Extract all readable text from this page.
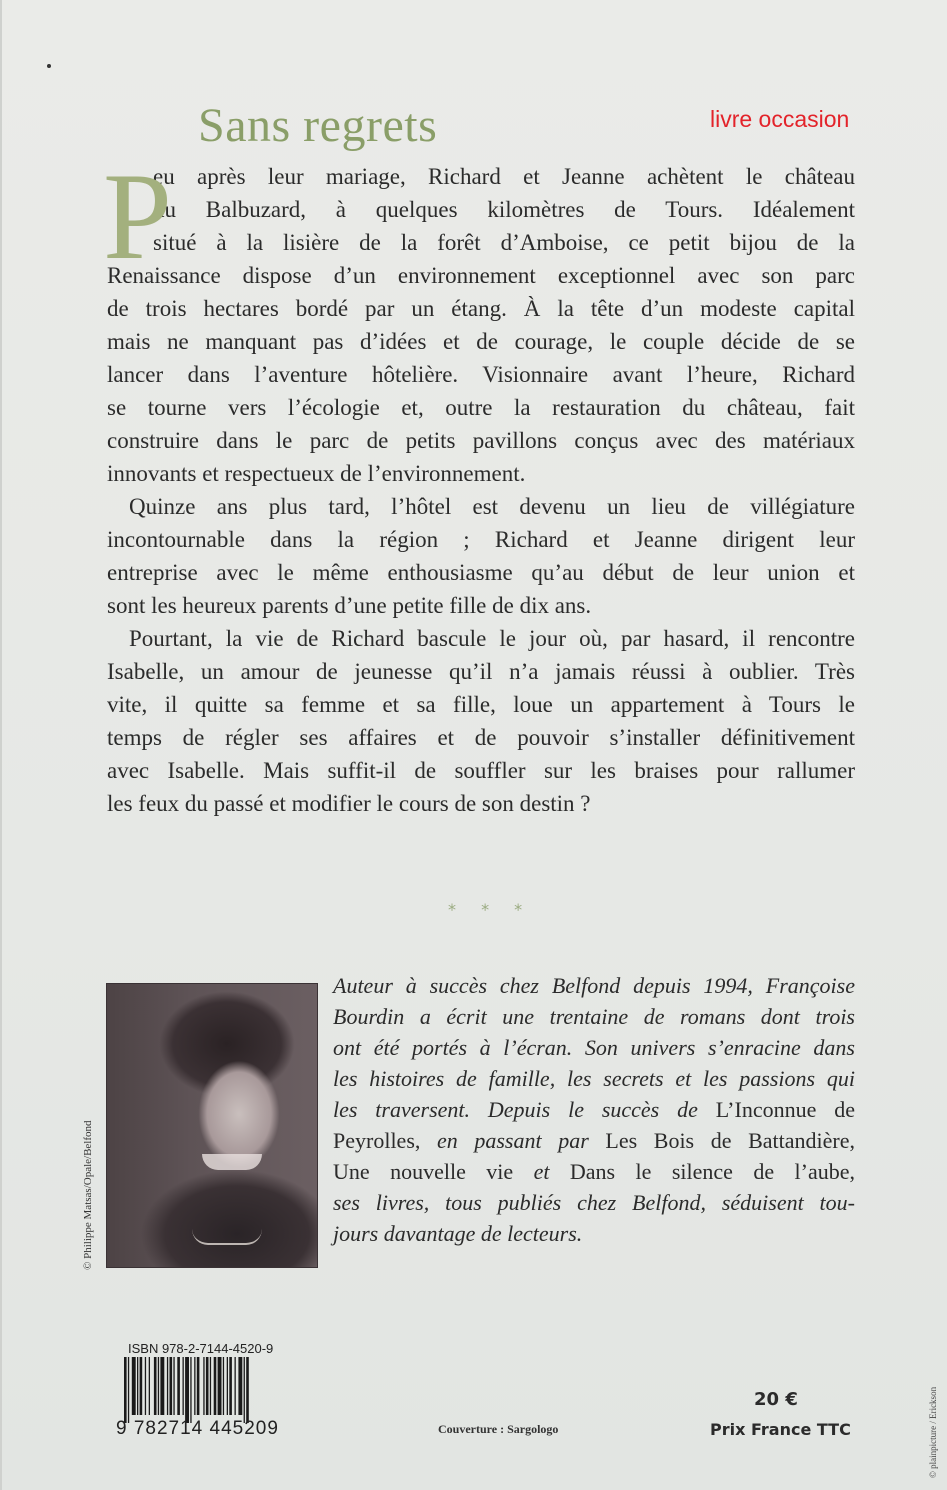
Sans regrets	livre occasion
P
eu après leur mariage, Richard et Jeanne achètent le château
du Balbuzard, à quelques kilomètres de Tours. Idéalement
situé à la lisière de la forêt d’Amboise, ce petit bijou de la
Renaissance dispose d’un environnement exceptionnel avec son parc
de trois hectares bordé par un étang. À la tête d’un modeste capital
mais ne manquant pas d’idées et de courage, le couple décide de se
lancer dans l’aventure hôtelière. Visionnaire avant l’heure, Richard
se tourne vers l’écologie et, outre la restauration du château, fait
construire dans le parc de petits pavillons conçus avec des matériaux
innovants et respectueux de l’environnement.
Quinze ans plus tard, l’hôtel est devenu un lieu de villégiature
incontournable dans la région ; Richard et Jeanne dirigent leur
entreprise avec le même enthousiasme qu’au début de leur union et
sont les heureux parents d’une petite fille de dix ans.
Pourtant, la vie de Richard bascule le jour où, par hasard, il rencontre
Isabelle, un amour de jeunesse qu’il n’a jamais réussi à oublier. Très
vite, il quitte sa femme et sa fille, loue un appartement à Tours le
temps de régler ses affaires et de pouvoir s’installer définitivement
avec Isabelle. Mais suffit-il de souffler sur les braises pour rallumer
les feux du passé et modifier le cours de son destin ?
* * *
© Philippe Matsas/Opale/Belfond
Auteur à succès chez Belfond depuis 1994, Françoise
Bourdin a écrit une trentaine de romans dont trois
ont été portés à l’écran. Son univers s’enracine dans
les histoires de famille, les secrets et les passions qui
les traversent. Depuis le succès de L’Inconnue de
Peyrolles, en passant par Les Bois de Battandière,
Une nouvelle vie et Dans le silence de l’aube,
ses livres, tous publiés chez Belfond, séduisent tou-
jours davantage de lecteurs.
ISBN 978-2-7144-4520-9
9 782714 445209	Couverture : Sargologo
20 €
Prix France TTC	© plainpicture / Erickson
